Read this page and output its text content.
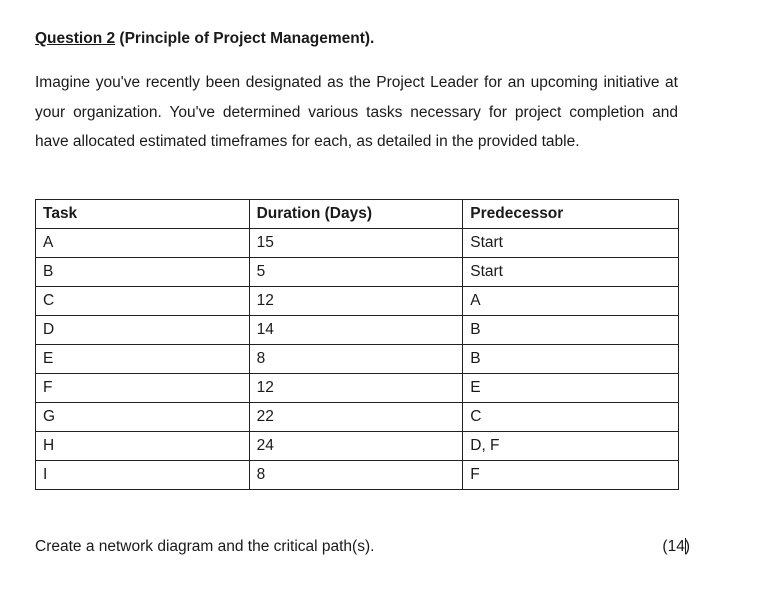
Question 2 (Principle of Project Management).

Imagine you've recently been designated as the Project Leader for an upcoming initiative at your organization. You've determined various tasks necessary for project completion and have allocated estimated timeframes for each, as detailed in the provided table.

Task	Duration (Days)	Predecessor
A	15	Start
B	5	Start
C	12	A
D	14	B
E	8	B
F	12	E
G	22	C
H	24	D, F
I	8	F
Create a network diagram and the critical path(s).	(14)
